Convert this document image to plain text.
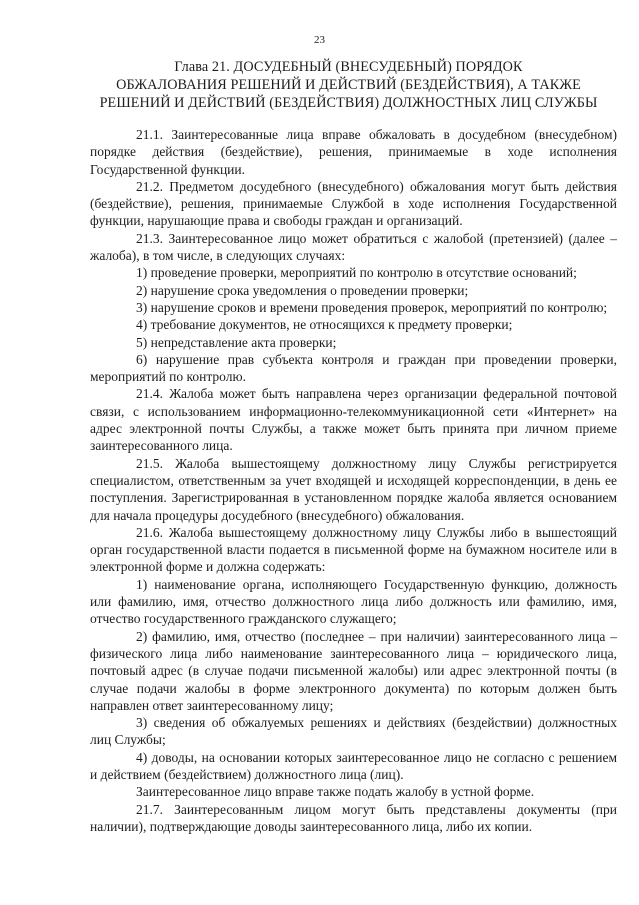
23
Глава 21. ДОСУДЕБНЫЙ (ВНЕСУДЕБНЫЙ) ПОРЯДОК
ОБЖАЛОВАНИЯ РЕШЕНИЙ И ДЕЙСТВИЙ (БЕЗДЕЙСТВИЯ), А ТАКЖЕ
РЕШЕНИЙ И ДЕЙСТВИЙ (БЕЗДЕЙСТВИЯ) ДОЛЖНОСТНЫХ ЛИЦ СЛУЖБЫ

21.1. Заинтересованные лица вправе обжаловать в досудебном (внесудебном) порядке действия (бездействие), решения, принимаемые в ходе исполнения Государственной функции.

21.2. Предметом досудебного (внесудебного) обжалования могут быть действия (бездействие), решения, принимаемые Службой в ходе исполнения Государственной функции, нарушающие права и свободы граждан и организаций.

21.3. Заинтересованное лицо может обратиться с жалобой (претензией) (далее – жалоба), в том числе, в следующих случаях:

1) проведение проверки, мероприятий по контролю в отсутствие оснований;

2) нарушение срока уведомления о проведении проверки;

3) нарушение сроков и времени проведения проверок, мероприятий по контролю;

4) требование документов, не относящихся к предмету проверки;

5) непредставление акта проверки;

6) нарушение прав субъекта контроля и граждан при проведении проверки, мероприятий по контролю.

21.4. Жалоба может быть направлена через организации федеральной почтовой связи, с использованием информационно-телекоммуникационной сети «Интернет» на адрес электронной почты Службы, а также может быть принята при личном приеме заинтересованного лица.

21.5. Жалоба вышестоящему должностному лицу Службы регистрируется специалистом, ответственным за учет входящей и исходящей корреспонденции, в день ее поступления. Зарегистрированная в установленном порядке жалоба является основанием для начала процедуры досудебного (внесудебного) обжалования.

21.6. Жалоба вышестоящему должностному лицу Службы либо в вышестоящий орган государственной власти подается в письменной форме на бумажном носителе или в электронной форме и должна содержать:

1) наименование органа, исполняющего Государственную функцию, должность или фамилию, имя, отчество должностного лица либо должность или фамилию, имя, отчество государственного гражданского служащего;

2) фамилию, имя, отчество (последнее – при наличии) заинтересованного лица – физического лица либо наименование заинтересованного лица – юридического лица, почтовый адрес (в случае подачи письменной жалобы) или адрес электронной почты (в случае подачи жалобы в форме электронного документа) по которым должен быть направлен ответ заинтересованному лицу;

3) сведения об обжалуемых решениях и действиях (бездействии) должностных лиц Службы;

4) доводы, на основании которых заинтересованное лицо не согласно с решением и действием (бездействием) должностного лица (лиц).

Заинтересованное лицо вправе также подать жалобу в устной форме.

21.7. Заинтересованным лицом могут быть представлены документы (при наличии), подтверждающие доводы заинтересованного лица, либо их копии.
